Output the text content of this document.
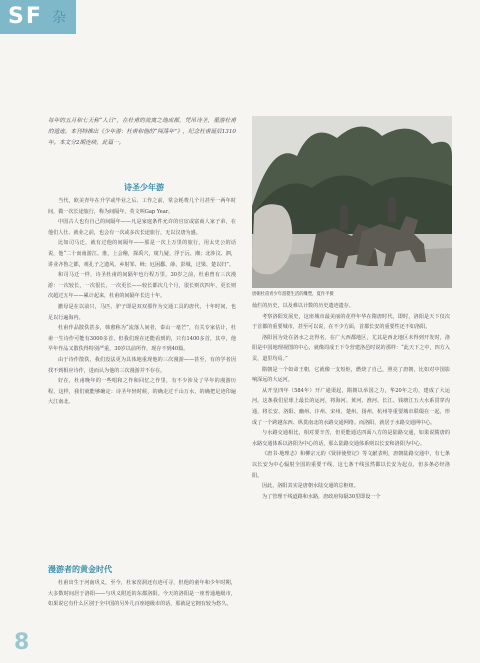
SF 杂
每年的五月和七天称“人日”，在杜甫的流寓之地成都，凭吊诗圣，重游杜甫的遗迹。本刊特推出《少年游：杜甫和他的“闯荡年”》，纪念杜甫诞辰1310年。本文分2期连续，此篇一。
诗圣少年游

当代，欧美青年在升学或毕业之后、工作之前，常会耗费几个月甚至一两年时间，做一次长途旅行，称为间隔年，英文叫Gap Year。

中国古人也有自己的间隔年——凡是家庭条件允许的官宦或富商人家子弟，在他们人仕、就业之前，也会有一次或多次长途旅行，无以汉唐为盛。

比如司马迁，就有过他的间隔年——那是一次上万里的旅行，用太史公的话说，他“二十而南游江、淮，上会稽，探禹穴，窥九疑，浮于沅、湘；北涉汶、泗，讲业齐鲁之都，观孔子之遗风，乡射邹、峄；厄困鄱、薛、彭城，过梁、楚以归”。

和司马迁一样，诗圣杜甫的间隔年也行程万里，30岁之前，杜甫曾有三次漫游：一次较长，一次很长，一次更长——较长都次几个月，很长则次四年，更长则次超过五年——累计起来，杜甫的间隔年长达十年。

撤母是在以前只，马匹、驴子即是双双那作为交通工具的唐代，十年时间，也足以行遍海内。

杜甫作品散佚甚多，韩愈称为“流落人间者，泰山一毫芒”，有关专家估计，杜甫一生诗作可能有3000多首，但我们现在还能看到的，只有1400多首，其中，他早年作品又散佚得特别严重，30岁以前所作，现存不到40篇。

由于诗作散佚，我们没法更为具体地重现他的三次漫游——甚至，有的学者因找不到相应诗作，进而认为他的三次漫游并不存在。

好在，杜甫晚年的一些唱和之作和回忆之作里，有不少涉及了早年的漫游历程，这样，我们就能够确定：诗圣年轻时候，的确走过千山万水，的确把足迹印遍大江南北。

漫游者的黄金时代

杜甫出生于河南巩义，至今，杜家窑洞还有迹可寻，但他的童年和少年时期，大多数时间居于洛阳——与巩义附近的东都洛阳。今天的洛阳是一座普通地级市，如果说它有什么区别于全中国的另外几百座地级市的话，那就是它拥有较为悠久、

唐朝杜甫青少年游猎生活的雕塑，夏作平摄

灿烂的历史，以及难以计数的历史遗迹遗存。

考察洛阳发展史，这座城市最美丽的花样年华在隋唐时代，即时，洛阳是天下仅次于首都的重要城市，甚至可以说，在不少方面，首都长安的重要性还不如洛阳。

洛阳因为处在洛水之北得名，在广大西都地区，尤其是西北地区未得到开发时，洛阳是中国地理视图的中心，就像周成王下令营建洛邑时说的那样：“此天下之中，四方入贡，道里均焉。”

隋朝是一个如命王朝，它就像一支短炬，燃烧了自己，照亮了唐朝，比如对中国影响深远的大运河。

从开皇四年（584年）开广通渠起，隋朝以举国之力，华20年之功，建成了大运河。这条我们星球上最长的运河，将海河、黄河、淮河、长江、钱塘江五大水系贯穿沟通，将长安、洛阳、幽州、汴州、宋州、楚州、扬州、杭州等重要城市联缀在一起，形成了一个跨越东西、纵贯南北的水路交通网络。而洛阳，就居于水路交通网中心。

与水路交通相比，相对要辛苦，但更能通达四面八方的是陆路交通，如果说隋唐的水路交通体系以洛阳为中心的话，那么陆路交通体系则以长安和洛阳为中心。

《唐书·地理志》和柳宗元的《贤驿使壁记》等文献表明，唐朝陆路交通中，有七条以长安为中心辐射全国的重要干线，这七条干线虽然都以长安为起点，但多条必经洛阳。

因此，洛阳其实是唐朝水陆交通的总枢纽。

为了管理干线道路和水路，唐政府每隔30里即设一个

8
